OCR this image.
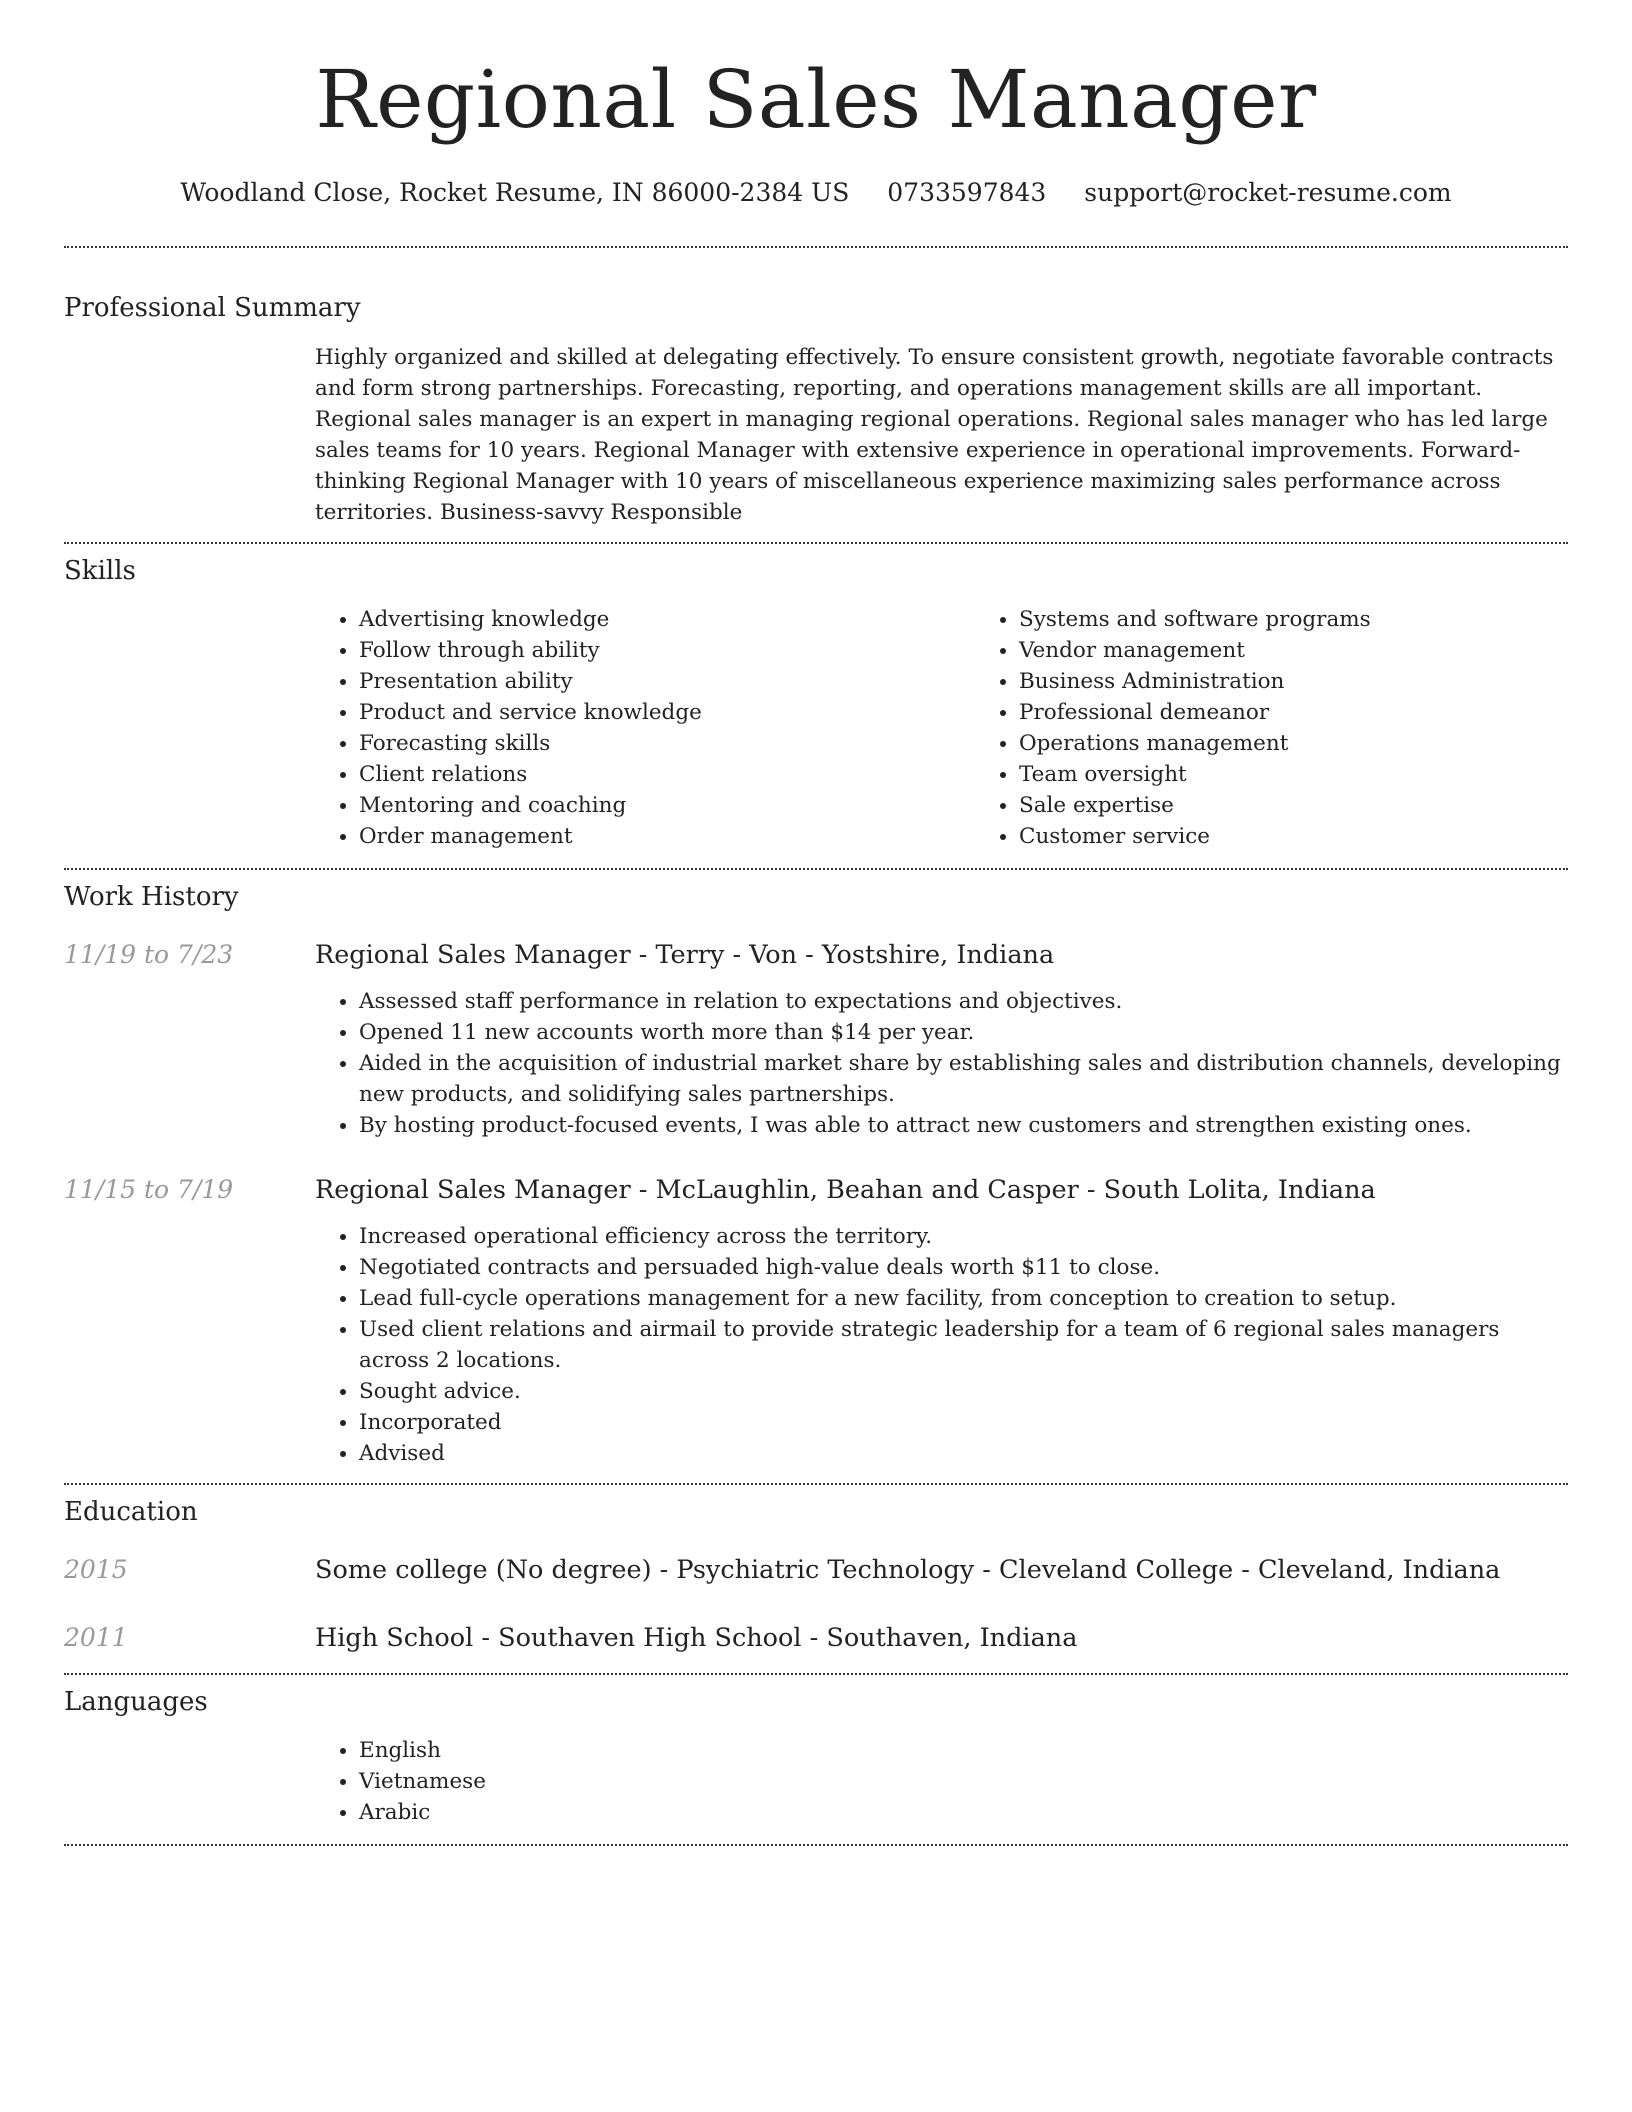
Regional Sales Manager
Woodland Close, Rocket Resume, IN 86000-2384 US 0733597843 support@rocket-resume.com
Professional Summary

Highly organized and skilled at delegating effectively. To ensure consistent growth, negotiate favorable contracts and form strong partnerships. Forecasting, reporting, and operations management skills are all important. Regional sales manager is an expert in managing regional operations. Regional sales manager who has led large sales teams for 10 years. Regional Manager with extensive experience in operational improvements. Forward-thinking Regional Manager with 10 years of miscellaneous experience maximizing sales performance across territories. Business-savvy Responsible

Skills
• Advertising knowledge
• Follow through ability
• Presentation ability
• Product and service knowledge
• Forecasting skills
• Client relations
• Mentoring and coaching
• Order management
• Systems and software programs
• Vendor management
• Business Administration
• Professional demeanor
• Operations management
• Team oversight
• Sale expertise
• Customer service
Work History
11/19 to 7/23	Regional Sales Manager - Terry - Von - Yostshire, Indiana
• Assessed staff performance in relation to expectations and objectives.
• Opened 11 new accounts worth more than $14 per year.
• Aided in the acquisition of industrial market share by establishing sales and distribution channels, developing new products, and solidifying sales partnerships.
• By hosting product-focused events, I was able to attract new customers and strengthen existing ones.
11/15 to 7/19	Regional Sales Manager - McLaughlin, Beahan and Casper - South Lolita, Indiana
• Increased operational efficiency across the territory.
• Negotiated contracts and persuaded high-value deals worth $11 to close.
• Lead full-cycle operations management for a new facility, from conception to creation to setup.
• Used client relations and airmail to provide strategic leadership for a team of 6 regional sales managers across 2 locations.
• Sought advice.
• Incorporated
• Advised
Education
2015	Some college (No degree) - Psychiatric Technology - Cleveland College - Cleveland, Indiana
2011	High School - Southaven High School - Southaven, Indiana
Languages
• English
• Vietnamese
• Arabic
